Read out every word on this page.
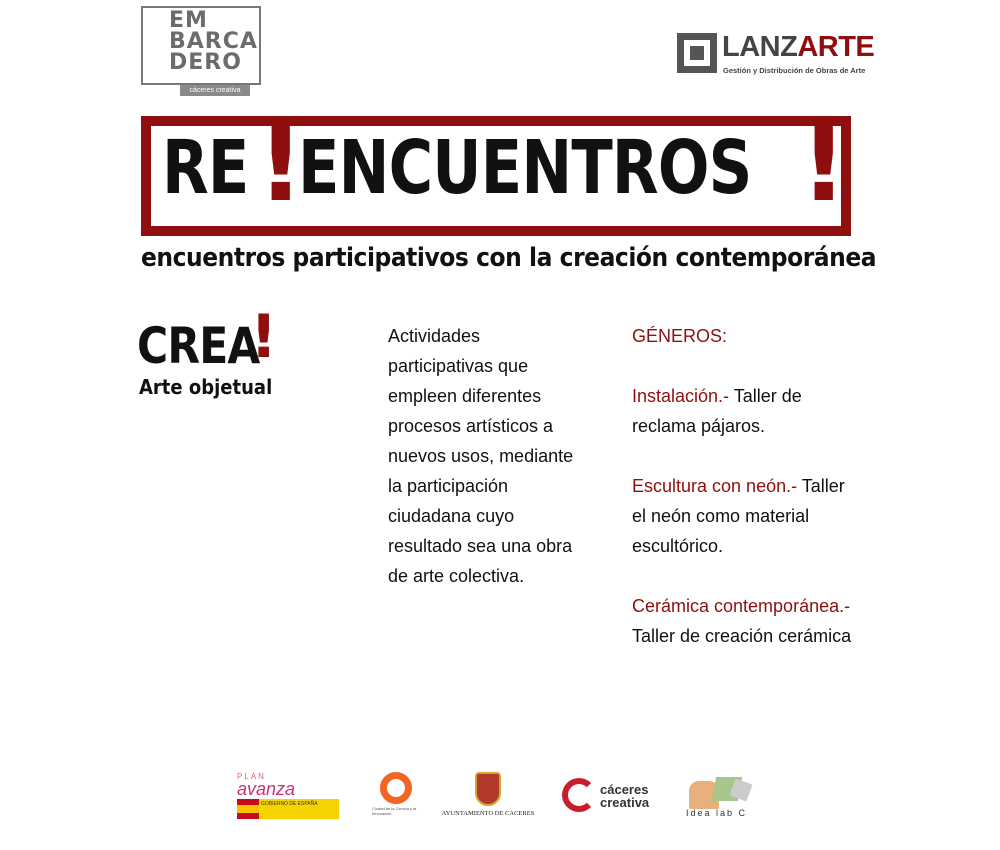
EM
BARCA
DERO
cáceres creativa
LANZARTE
Gestión y Distribución de Obras de Arte
RE !
ENCUENTROS !
encuentros participativos con la creación contemporánea
CREA
!
Arte objetual
Actividades participativas que empleen diferentes procesos artísticos a nuevos usos, mediante la participación ciudadana cuyo resultado sea una obra de arte colectiva.

GÉNEROS:

Instalación.- Taller de reclama pájaros.

Escultura con neón.- Taller el neón como material escultórico.

Cerámica contemporánea.- Taller de creación cerámica

PLAN
avanza
GOBIERNO DE ESPAÑA
Ciudad de la Ciencia y la Innovación	AYUNTAMIENTO DE CACERES
cáceres
creativa
Idea lab C
